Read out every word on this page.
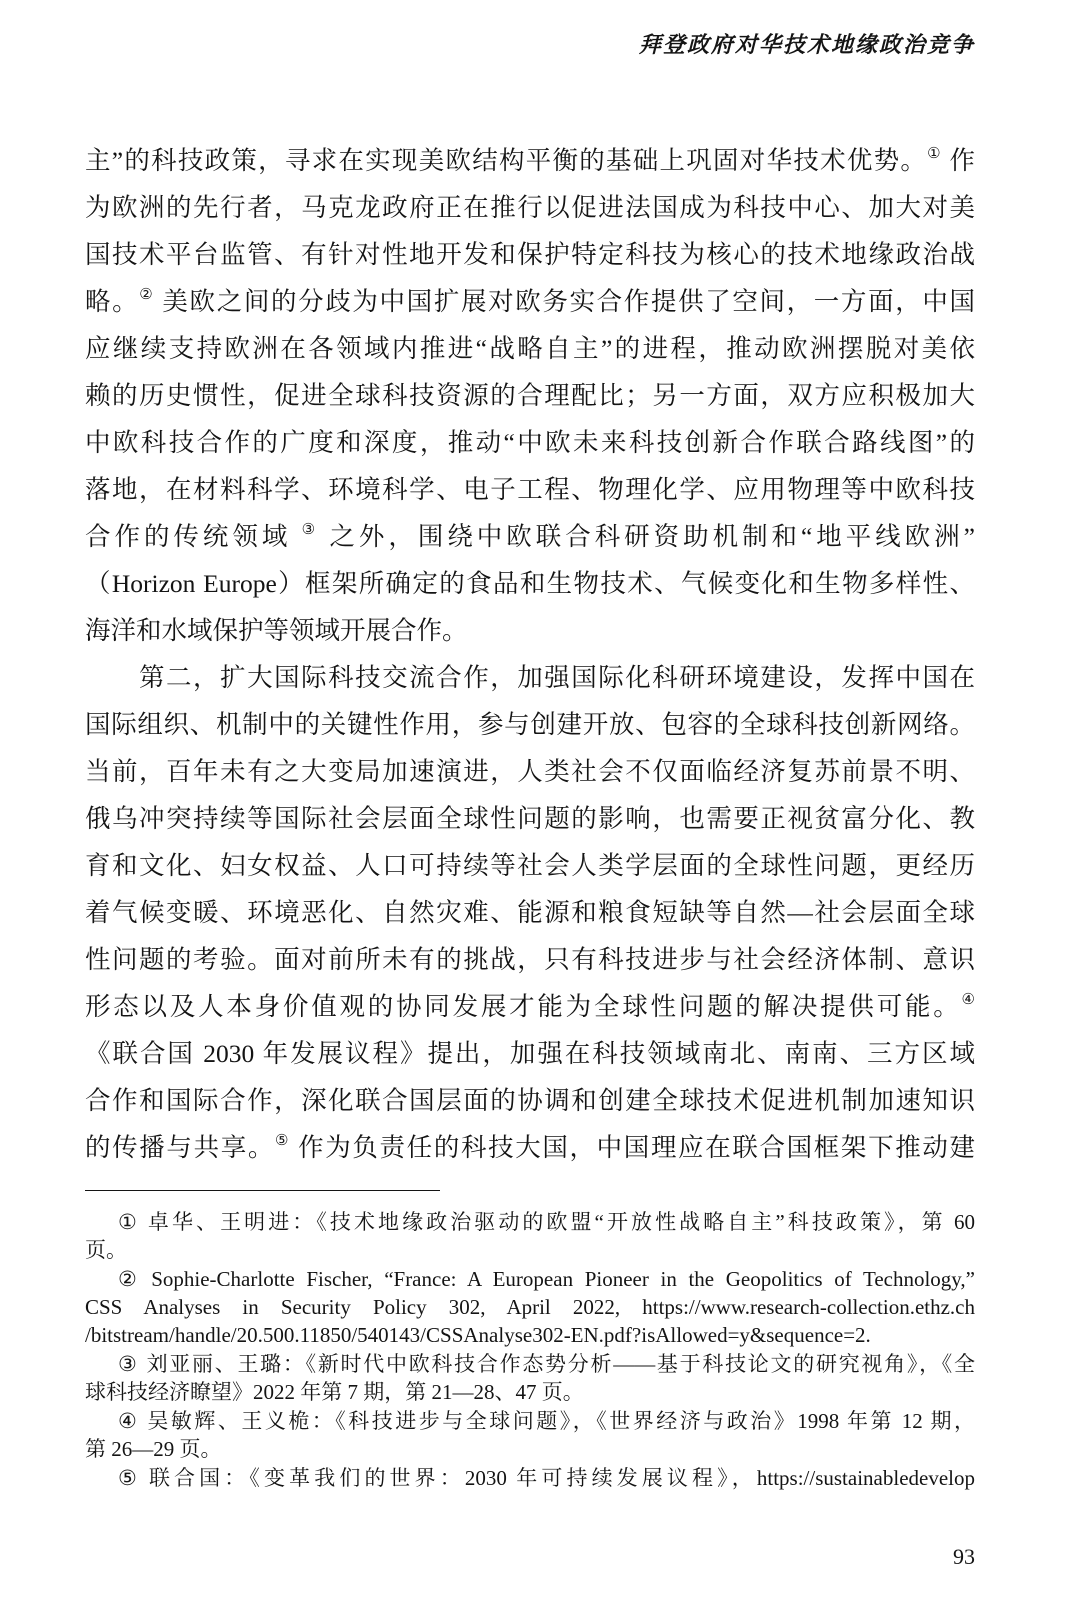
拜登政府对华技术地缘政治竞争
主”的科技政策，寻求在实现美欧结构平衡的基础上巩固对华技术优势。① 作
为欧洲的先行者，马克龙政府正在推行以促进法国成为科技中心、加大对美
国技术平台监管、有针对性地开发和保护特定科技为核心的技术地缘政治战
略。② 美欧之间的分歧为中国扩展对欧务实合作提供了空间，一方面，中国
应继续支持欧洲在各领域内推进“战略自主”的进程，推动欧洲摆脱对美依
赖的历史惯性，促进全球科技资源的合理配比；另一方面，双方应积极加大
中欧科技合作的广度和深度，推动“中欧未来科技创新合作联合路线图”的
落地，在材料科学、环境科学、电子工程、物理化学、应用物理等中欧科技
合作的传统领域 ③ 之外，围绕中欧联合科研资助机制和“地平线欧洲”
（Horizon Europe）框架所确定的食品和生物技术、气候变化和生物多样性、
海洋和水域保护等领域开展合作。
第二，扩大国际科技交流合作，加强国际化科研环境建设，发挥中国在
国际组织、机制中的关键性作用，参与创建开放、包容的全球科技创新网络。
当前，百年未有之大变局加速演进，人类社会不仅面临经济复苏前景不明、
俄乌冲突持续等国际社会层面全球性问题的影响，也需要正视贫富分化、教
育和文化、妇女权益、人口可持续等社会人类学层面的全球性问题，更经历
着气候变暖、环境恶化、自然灾难、能源和粮食短缺等自然—社会层面全球
性问题的考验。面对前所未有的挑战，只有科技进步与社会经济体制、意识
形态以及人本身价值观的协同发展才能为全球性问题的解决提供可能。④
《联合国 2030 年发展议程》提出，加强在科技领域南北、南南、三方区域
合作和国际合作，深化联合国层面的协调和创建全球技术促进机制加速知识
的传播与共享。⑤ 作为负责任的科技大国，中国理应在联合国框架下推动建
① 卓华、王明进：《技术地缘政治驱动的欧盟“开放性战略自主”科技政策》，第 60
页。
② Sophie-Charlotte Fischer, “France: A European Pioneer in the Geopolitics of Technology,”
CSS Analyses in Security Policy 302, April 2022, https://www.research-collection.ethz.ch
/bitstream/handle/20.500.11850/540143/CSSAnalyse302-EN.pdf?isAllowed=y&sequence=2.
③ 刘亚丽、王璐：《新时代中欧科技合作态势分析——基于科技论文的研究视角》，《全
球科技经济瞭望》2022 年第 7 期，第 21—28、47 页。
④ 吴敏辉、王义桅：《科技进步与全球问题》，《世界经济与政治》1998 年第 12 期，
第 26—29 页。
⑤ 联合国：《变革我们的世界：2030 年可持续发展议程》，https://sustainabledevelop
93
